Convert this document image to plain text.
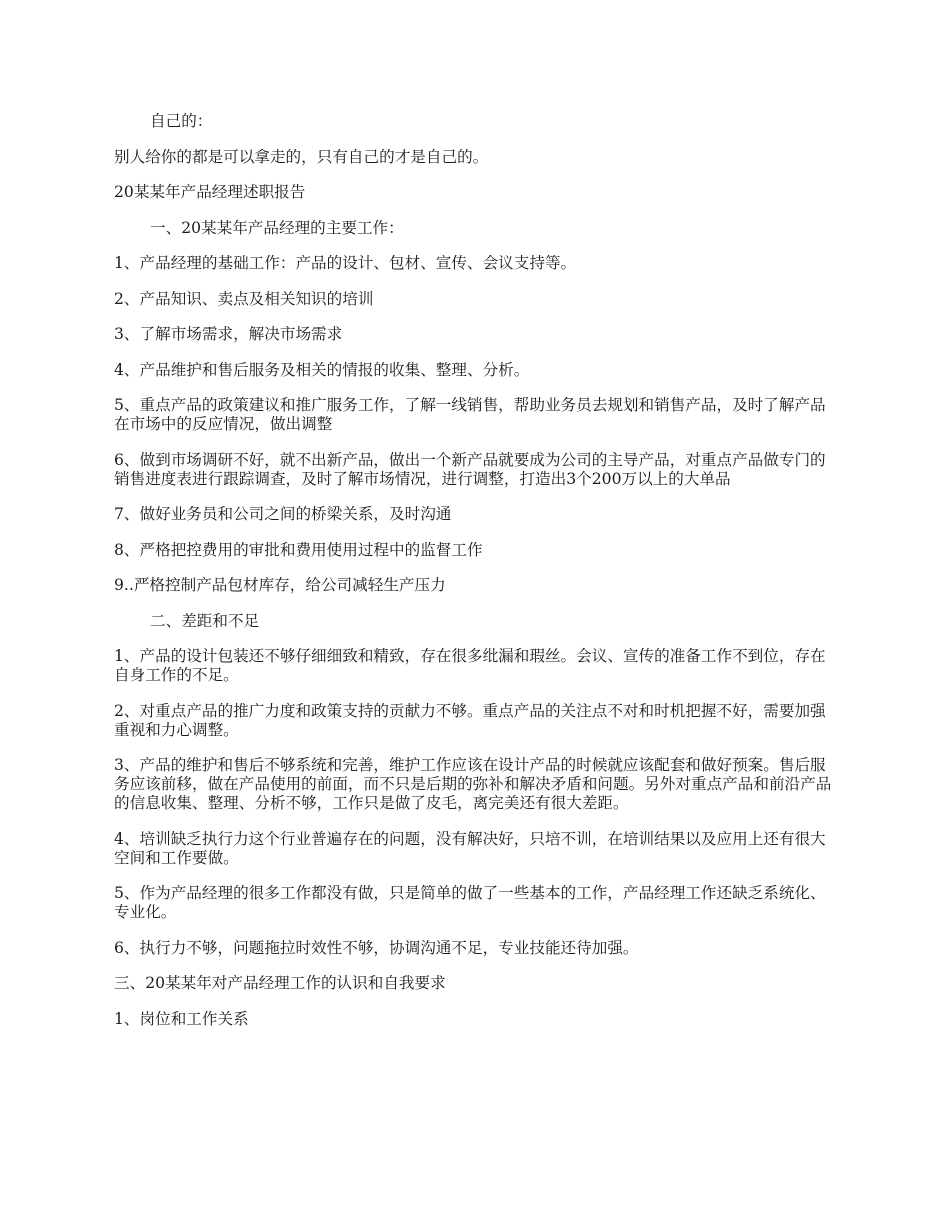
自己的：

别人给你的都是可以拿走的，只有自己的才是自己的。

20某某年产品经理述职报告

一、20某某年产品经理的主要工作：

1、产品经理的基础工作：产品的设计、包材、宣传、会议支持等。

2、产品知识、卖点及相关知识的培训

3、了解市场需求，解决市场需求

4、产品维护和售后服务及相关的情报的收集、整理、分析。

5、重点产品的政策建议和推广服务工作，了解一线销售，帮助业务员去规划和销售产品，及时了解产品在市场中的反应情况，做出调整

6、做到市场调研不好，就不出新产品，做出一个新产品就要成为公司的主导产品，对重点产品做专门的销售进度表进行跟踪调查，及时了解市场情况，进行调整，打造出3个200万以上的大单品

7、做好业务员和公司之间的桥梁关系，及时沟通

8、严格把控费用的审批和费用使用过程中的监督工作

9..严格控制产品包材库存，给公司减轻生产压力

二、差距和不足

1、产品的设计包装还不够仔细细致和精致，存在很多纰漏和瑕丝。会议、宣传的准备工作不到位，存在自身工作的不足。

2、对重点产品的推广力度和政策支持的贡献力不够。重点产品的关注点不对和时机把握不好，需要加强重视和力心调整。

3、产品的维护和售后不够系统和完善，维护工作应该在设计产品的时候就应该配套和做好预案。售后服务应该前移，做在产品使用的前面，而不只是后期的弥补和解决矛盾和问题。另外对重点产品和前沿产品的信息收集、整理、分析不够，工作只是做了皮毛，离完美还有很大差距。

4、培训缺乏执行力这个行业普遍存在的问题，没有解决好，只培不训，在培训结果以及应用上还有很大空间和工作要做。

5、作为产品经理的很多工作都没有做，只是简单的做了一些基本的工作，产品经理工作还缺乏系统化、专业化。

6、执行力不够，问题拖拉时效性不够，协调沟通不足，专业技能还待加强。

三、20某某年对产品经理工作的认识和自我要求

1、岗位和工作关系
